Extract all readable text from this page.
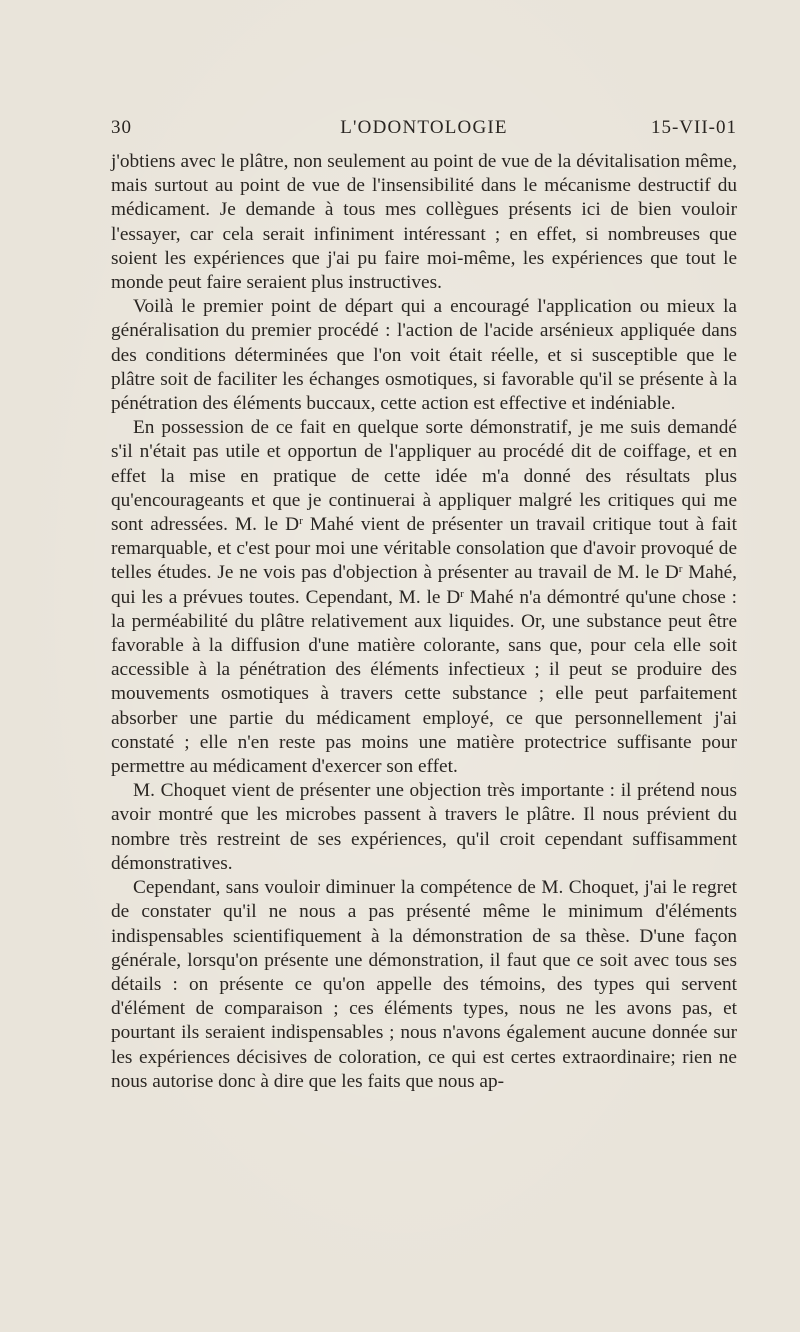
30	L'ODONTOLOGIE	15-VII-01

j'obtiens avec le plâtre, non seulement au point de vue de la dévitalisation même, mais surtout au point de vue de l'insensibilité dans le mécanisme destructif du médicament. Je demande à tous mes collègues présents ici de bien vouloir l'essayer, car cela serait infiniment intéressant ; en effet, si nombreuses que soient les expériences que j'ai pu faire moi-même, les expériences que tout le monde peut faire seraient plus instructives.

Voilà le premier point de départ qui a encouragé l'application ou mieux la généralisation du premier procédé : l'action de l'acide arsénieux appliquée dans des conditions déterminées que l'on voit était réelle, et si susceptible que le plâtre soit de faciliter les échanges osmotiques, si favorable qu'il se présente à la pénétration des éléments buccaux, cette action est effective et indéniable.

En possession de ce fait en quelque sorte démonstratif, je me suis demandé s'il n'était pas utile et opportun de l'appliquer au procédé dit de coiffage, et en effet la mise en pratique de cette idée m'a donné des résultats plus qu'encourageants et que je continuerai à appliquer malgré les critiques qui me sont adressées. M. le $D^r$ Mahé vient de présenter un travail critique tout à fait remarquable, et c'est pour moi une véritable consolation que d'avoir provoqué de telles études. Je ne vois pas d'objection à présenter au travail de M. le $D^r$ Mahé, qui les a prévues toutes. Cependant, M. le $D^r$ Mahé n'a démontré qu'une chose : la perméabilité du plâtre relativement aux liquides. Or, une substance peut être favorable à la diffusion d'une matière colorante, sans que, pour cela elle soit accessible à la pénétration des éléments infectieux ; il peut se produire des mouvements osmotiques à travers cette substance ; elle peut parfaitement absorber une partie du médicament employé, ce que personnellement j'ai constaté ; elle n'en reste pas moins une matière protectrice suffisante pour permettre au médicament d'exercer son effet.

M. Choquet vient de présenter une objection très importante : il prétend nous avoir montré que les microbes passent à travers le plâtre. Il nous prévient du nombre très restreint de ses expériences, qu'il croit cependant suffisamment démonstratives.

Cependant, sans vouloir diminuer la compétence de M. Choquet, j'ai le regret de constater qu'il ne nous a pas présenté même le minimum d'éléments indispensables scientifiquement à la démonstration de sa thèse. D'une façon générale, lorsqu'on présente une démonstration, il faut que ce soit avec tous ses détails : on présente ce qu'on appelle des témoins, des types qui servent d'élément de comparaison ; ces éléments types, nous ne les avons pas, et pourtant ils seraient indispensables ; nous n'avons également aucune donnée sur les expériences décisives de coloration, ce qui est certes extraordinaire; rien ne nous autorise donc à dire que les faits que nous ap-
